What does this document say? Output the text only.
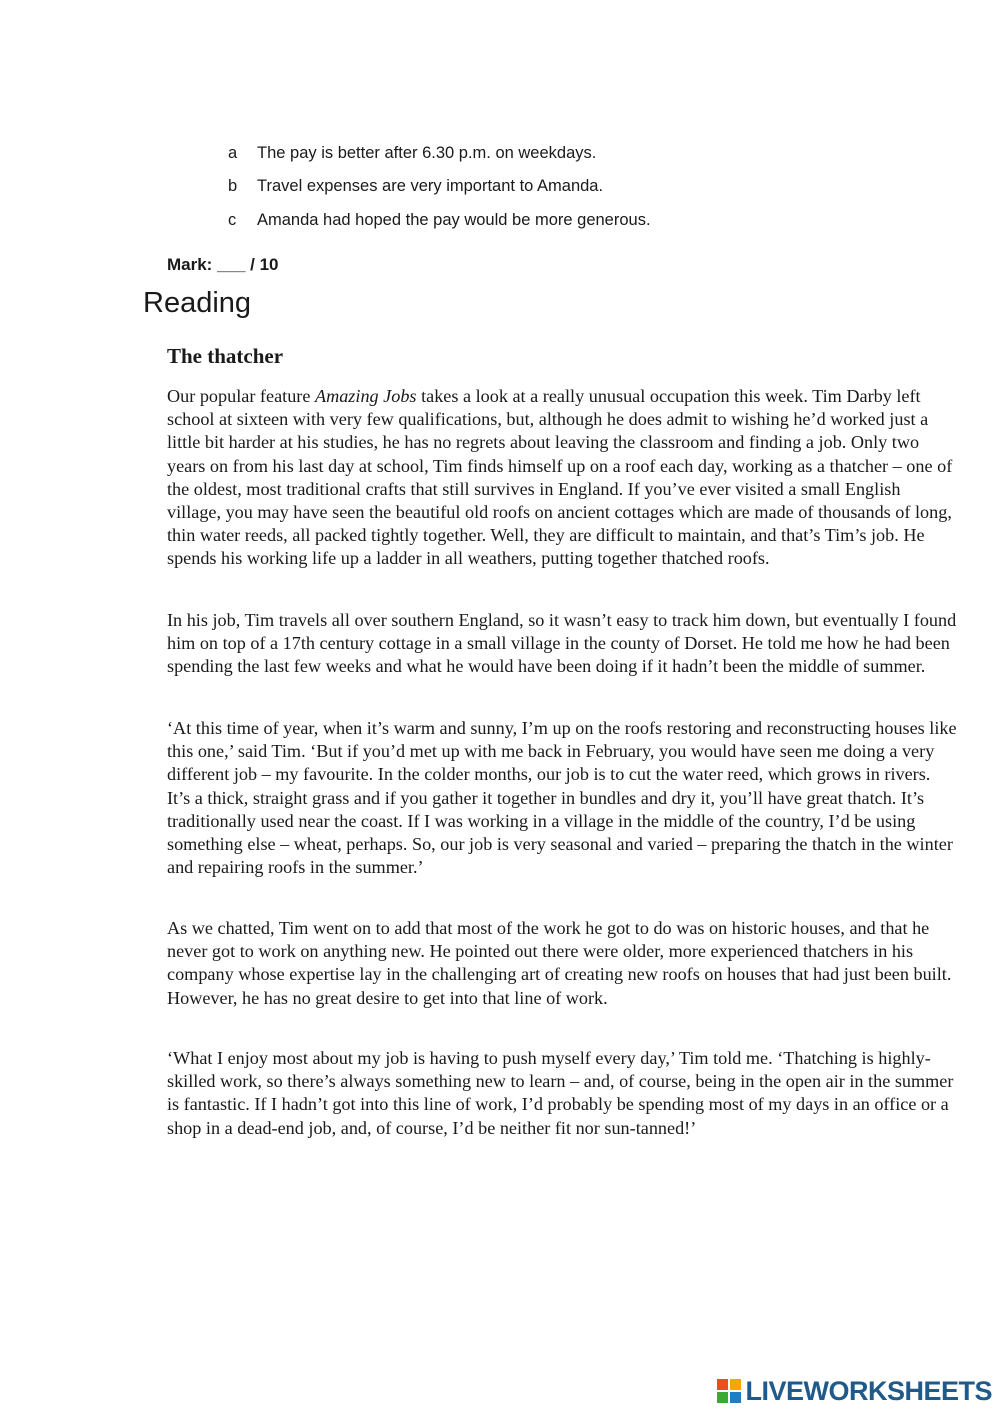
a The pay is better after 6.30 p.m. on weekdays.
b Travel expenses are very important to Amanda.
c Amanda had hoped the pay would be more generous.
Mark: ___ / 10
Reading
The thatcher

Our popular feature Amazing Jobs takes a look at a really unusual occupation this week. Tim Darby left school at sixteen with very few qualifications, but, although he does admit to wishing he’d worked just a little bit harder at his studies, he has no regrets about leaving the classroom and finding a job. Only two years on from his last day at school, Tim finds himself up on a roof each day, working as a thatcher – one of the oldest, most traditional crafts that still survives in England. If you’ve ever visited a small English village, you may have seen the beautiful old roofs on ancient cottages which are made of thousands of long, thin water reeds, all packed tightly together. Well, they are difficult to maintain, and that’s Tim’s job. He spends his working life up a ladder in all weathers, putting together thatched roofs.

In his job, Tim travels all over southern England, so it wasn’t easy to track him down, but eventually I found him on top of a 17th century cottage in a small village in the county of Dorset. He told me how he had been spending the last few weeks and what he would have been doing if it hadn’t been the middle of summer.

‘At this time of year, when it’s warm and sunny, I’m up on the roofs restoring and reconstructing houses like this one,’ said Tim. ‘But if you’d met up with me back in February, you would have seen me doing a very different job – my favourite. In the colder months, our job is to cut the water reed, which grows in rivers. It’s a thick, straight grass and if you gather it together in bundles and dry it, you’ll have great thatch. It’s traditionally used near the coast. If I was working in a village in the middle of the country, I’d be using something else – wheat, perhaps. So, our job is very seasonal and varied – preparing the thatch in the winter and repairing roofs in the summer.’

As we chatted, Tim went on to add that most of the work he got to do was on historic houses, and that he never got to work on anything new. He pointed out there were older, more experienced thatchers in his company whose expertise lay in the challenging art of creating new roofs on houses that had just been built. However, he has no great desire to get into that line of work.

‘What I enjoy most about my job is having to push myself every day,’ Tim told me. ‘Thatching is highly-skilled work, so there’s always something new to learn – and, of course, being in the open air in the summer is fantastic. If I hadn’t got into this line of work, I’d probably be spending most of my days in an office or a shop in a dead-end job, and, of course, I’d be neither fit nor sun-tanned!’

LIVEWORKSHEETS
